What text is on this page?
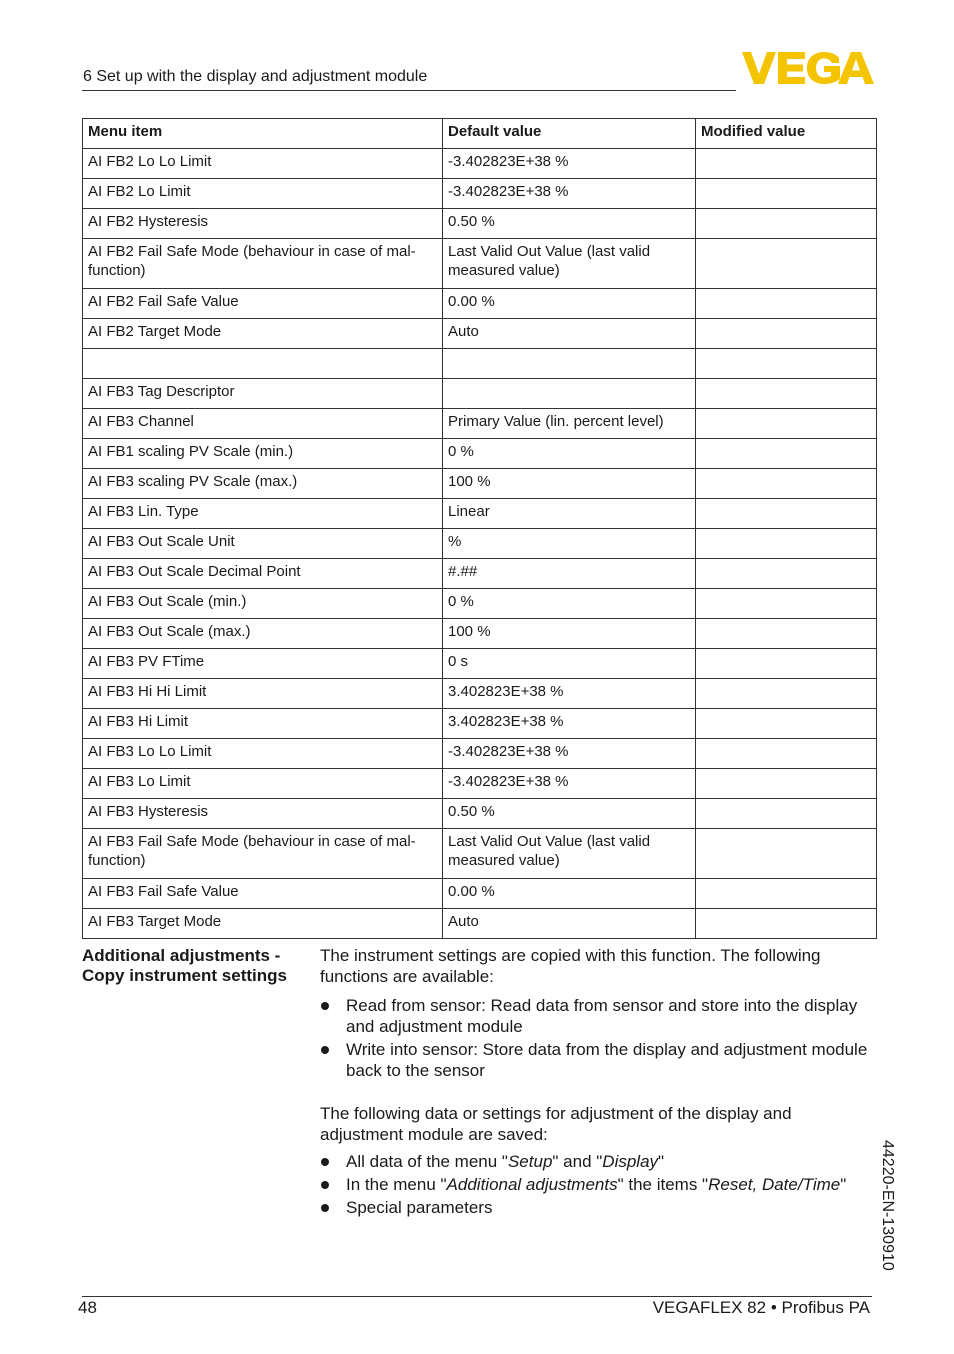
6 Set up with the display and adjustment module
Menu item	Default value	Modified value
AI FB2 Lo Lo Limit	-3.402823E+38 %	
AI FB2 Lo Limit	-3.402823E+38 %	
AI FB2 Hysteresis	0.50 %	
AI FB2 Fail Safe Mode (behaviour in case of mal-function)	Last Valid Out Value (last valid measured value)	
AI FB2 Fail Safe Value	0.00 %	
AI FB2 Target Mode	Auto	

AI FB3 Tag Descriptor		
AI FB3 Channel	Primary Value (lin. percent level)	
AI FB1 scaling PV Scale (min.)	0 %	
AI FB3 scaling PV Scale (max.)	100 %	
AI FB3 Lin. Type	Linear	
AI FB3 Out Scale Unit	%	
AI FB3 Out Scale Decimal Point	#.##	
AI FB3 Out Scale (min.)	0 %	
AI FB3 Out Scale (max.)	100 %	
AI FB3 PV FTime	0 s	
AI FB3 Hi Hi Limit	3.402823E+38 %	
AI FB3 Hi Limit	3.402823E+38 %	
AI FB3 Lo Lo Limit	-3.402823E+38 %	
AI FB3 Lo Limit	-3.402823E+38 %	
AI FB3 Hysteresis	0.50 %	
AI FB3 Fail Safe Mode (behaviour in case of mal-function)	Last Valid Out Value (last valid measured value)	
AI FB3 Fail Safe Value	0.00 %	
AI FB3 Target Mode	Auto	
Additional adjustments -
Copy instrument settings

The instrument settings are copied with this function. The following functions are available:

Read from sensor: Read data from sensor and store into the display and adjustment module
Write into sensor: Store data from the display and adjustment module back to the sensor

The following data or settings for adjustment of the display and adjustment module are saved:

All data of the menu "Setup" and "Display"
In the menu "Additional adjustments" the items "Reset, Date/Time"
Special parameters	44220-EN-130910
48	VEGAFLEX 82 • Profibus PA
